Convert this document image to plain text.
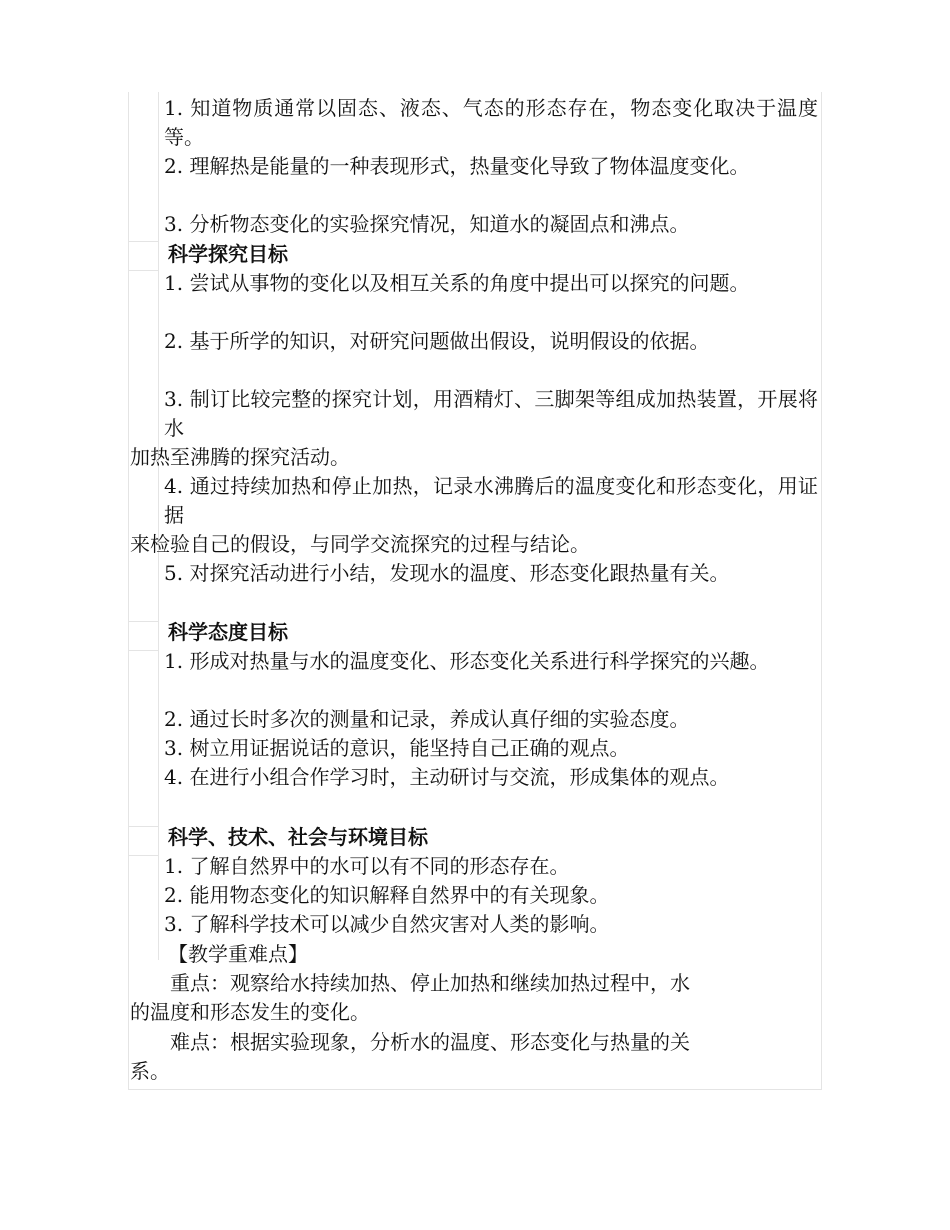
1. 知道物质通常以固态、液态、气态的形态存在，物态变化取决于温度等。
2. 理解热是能量的一种表现形式，热量变化导致了物体温度变化。
3. 分析物态变化的实验探究情况，知道水的凝固点和沸点。
科学探究目标
1. 尝试从事物的变化以及相互关系的角度中提出可以探究的问题。
2. 基于所学的知识，对研究问题做出假设，说明假设的依据。
3. 制订比较完整的探究计划，用酒精灯、三脚架等组成加热装置，开展将水
加热至沸腾的探究活动。
4. 通过持续加热和停止加热，记录水沸腾后的温度变化和形态变化，用证据
来检验自己的假设，与同学交流探究的过程与结论。
5. 对探究活动进行小结，发现水的温度、形态变化跟热量有关。
科学态度目标
1. 形成对热量与水的温度变化、形态变化关系进行科学探究的兴趣。
2. 通过长时多次的测量和记录，养成认真仔细的实验态度。
3. 树立用证据说话的意识，能坚持自己正确的观点。
4. 在进行小组合作学习时，主动研讨与交流，形成集体的观点。
科学、技术、社会与环境目标
1. 了解自然界中的水可以有不同的形态存在。
2. 能用物态变化的知识解释自然界中的有关现象。
3. 了解科学技术可以减少自然灾害对人类的影响。
【教学重难点】
重点：观察给水持续加热、停止加热和继续加热过程中，水
的温度和形态发生的变化。
难点：根据实验现象，分析水的温度、形态变化与热量的关
系。
